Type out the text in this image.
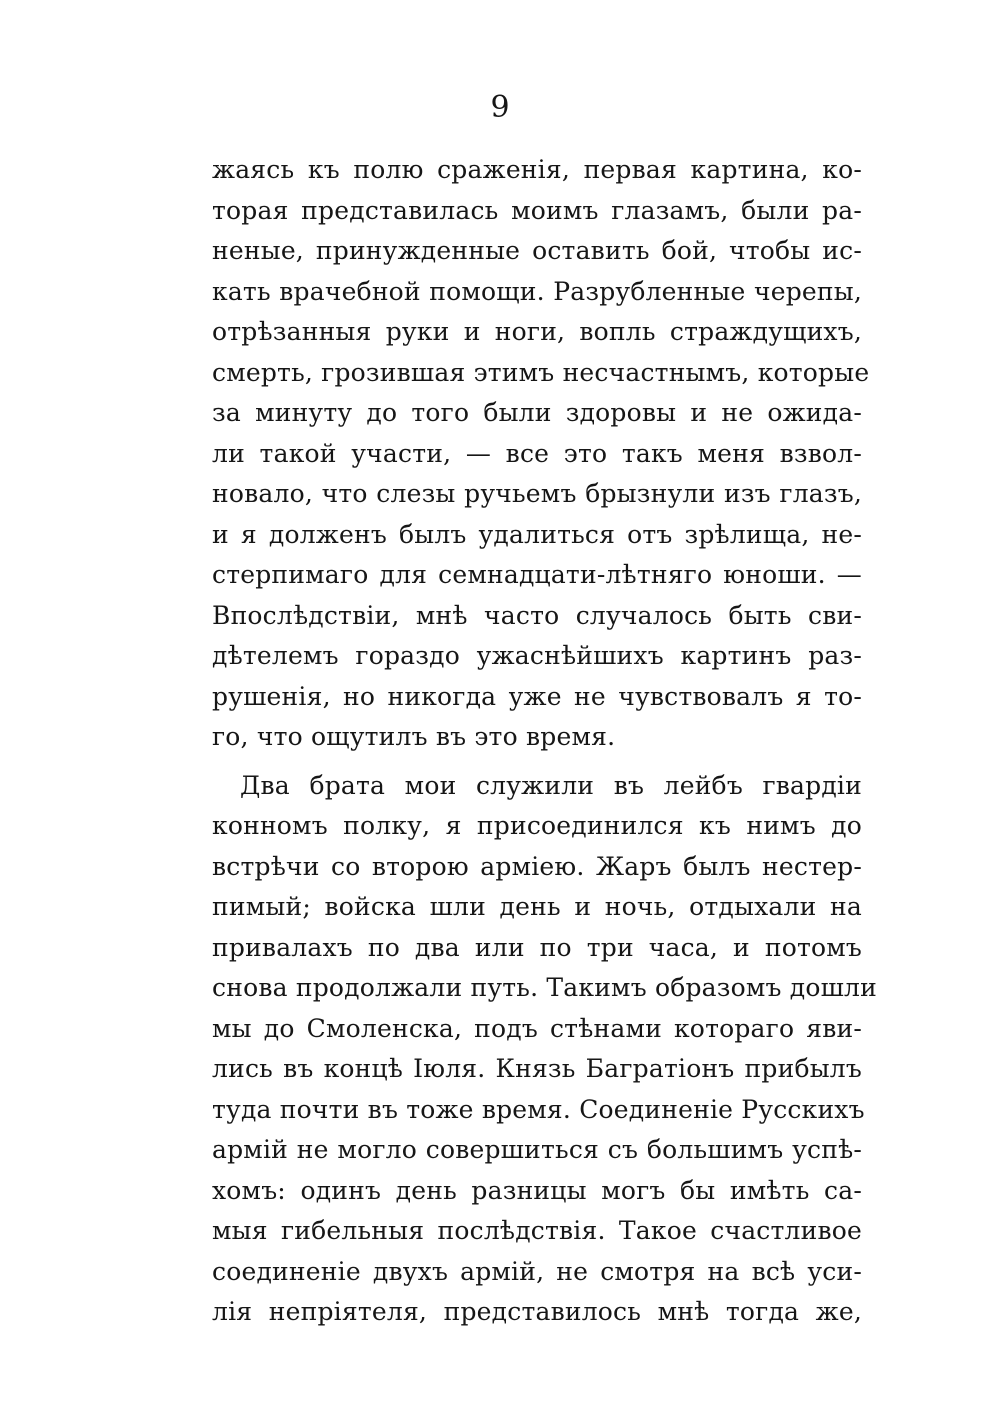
9
жаясь къ полю сраженія, первая картина, ко-
торая представилась моимъ глазамъ, были ра-
неные, принужденные оставить бой, чтобы ис-
кать врачебной помощи. Разрубленные черепы,
отрѣзанныя руки и ноги, вопль страждущихъ,
смерть, грозившая этимъ несчастнымъ, которые
за минуту до того были здоровы и не ожида-
ли такой участи, — все это такъ меня взвол-
новало, что слезы ручьемъ брызнули изъ глазъ,
и я долженъ былъ удалиться отъ зрѣлища, не-
стерпимаго для семнадцати-лѣтняго юноши. —
Впослѣдствіи, мнѣ часто случалось быть сви-
дѣтелемъ гораздо ужаснѣйшихъ картинъ раз-
рушенія, но никогда уже не чувствовалъ я то-
го, что ощутилъ въ это время.
Два брата мои служили въ лейбъ гвардіи
конномъ полку, я присоединился къ нимъ до
встрѣчи со второю арміею. Жаръ былъ нестер-
пимый; войска шли день и ночь, отдыхали на
привалахъ по два или по три часа, и потомъ
снова продолжали путь. Такимъ образомъ дошли
мы до Смоленска, подъ стѣнами котораго яви-
лись въ концѣ Іюля. Князь Багратіонъ прибылъ
туда почти въ тоже время. Соединеніе Русскихъ
армій не могло совершиться съ большимъ успѣ-
хомъ: одинъ день разницы могъ бы имѣть са-
мыя гибельныя послѣдствія. Такое счастливое
соединеніе двухъ армій, не смотря на всѣ уси-
лія непріятеля, представилось мнѣ тогда же,
